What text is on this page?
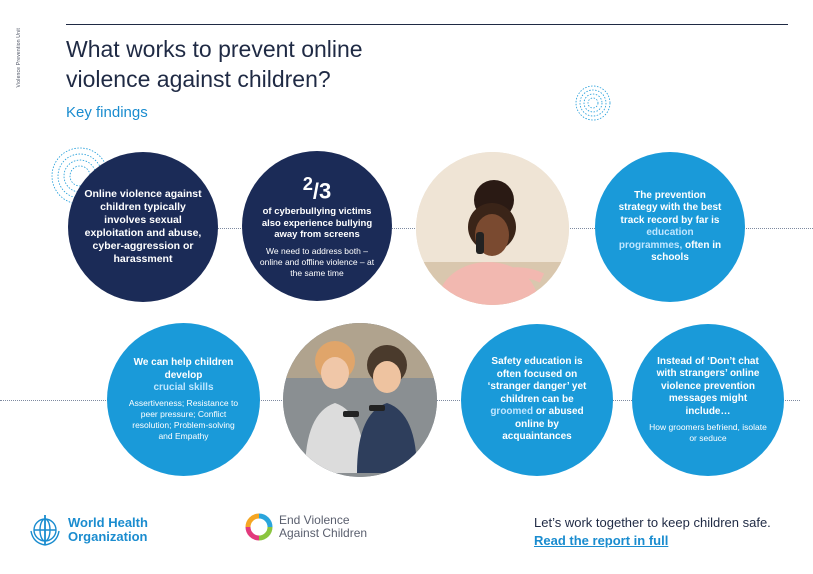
Violence Prevention Unit What works to prevent online violence against children?
Key findings
Online violence against children typically involves sexual exploitation and abuse, cyber-aggression or harassment
$^2$/3
of cyberbullying victims also experience bullying away from screens
We need to address both – online and offline violence – at the same time
The prevention strategy with the best track record by far is education programmes, often in schools
We can help children develop
crucial skills
Assertiveness; Resistance to peer pressure; Conflict resolution; Problem-solving and Empathy
Safety education is often focused on ‘stranger danger’ yet children can be groomed or abused online by acquaintances
Instead of ‘Don’t chat with strangers’ online violence prevention messages might include…
How groomers befriend, isolate or seduce
World Health
Organization
End Violence
Against Children
Let’s work together to keep children safe.
Read the report in full
